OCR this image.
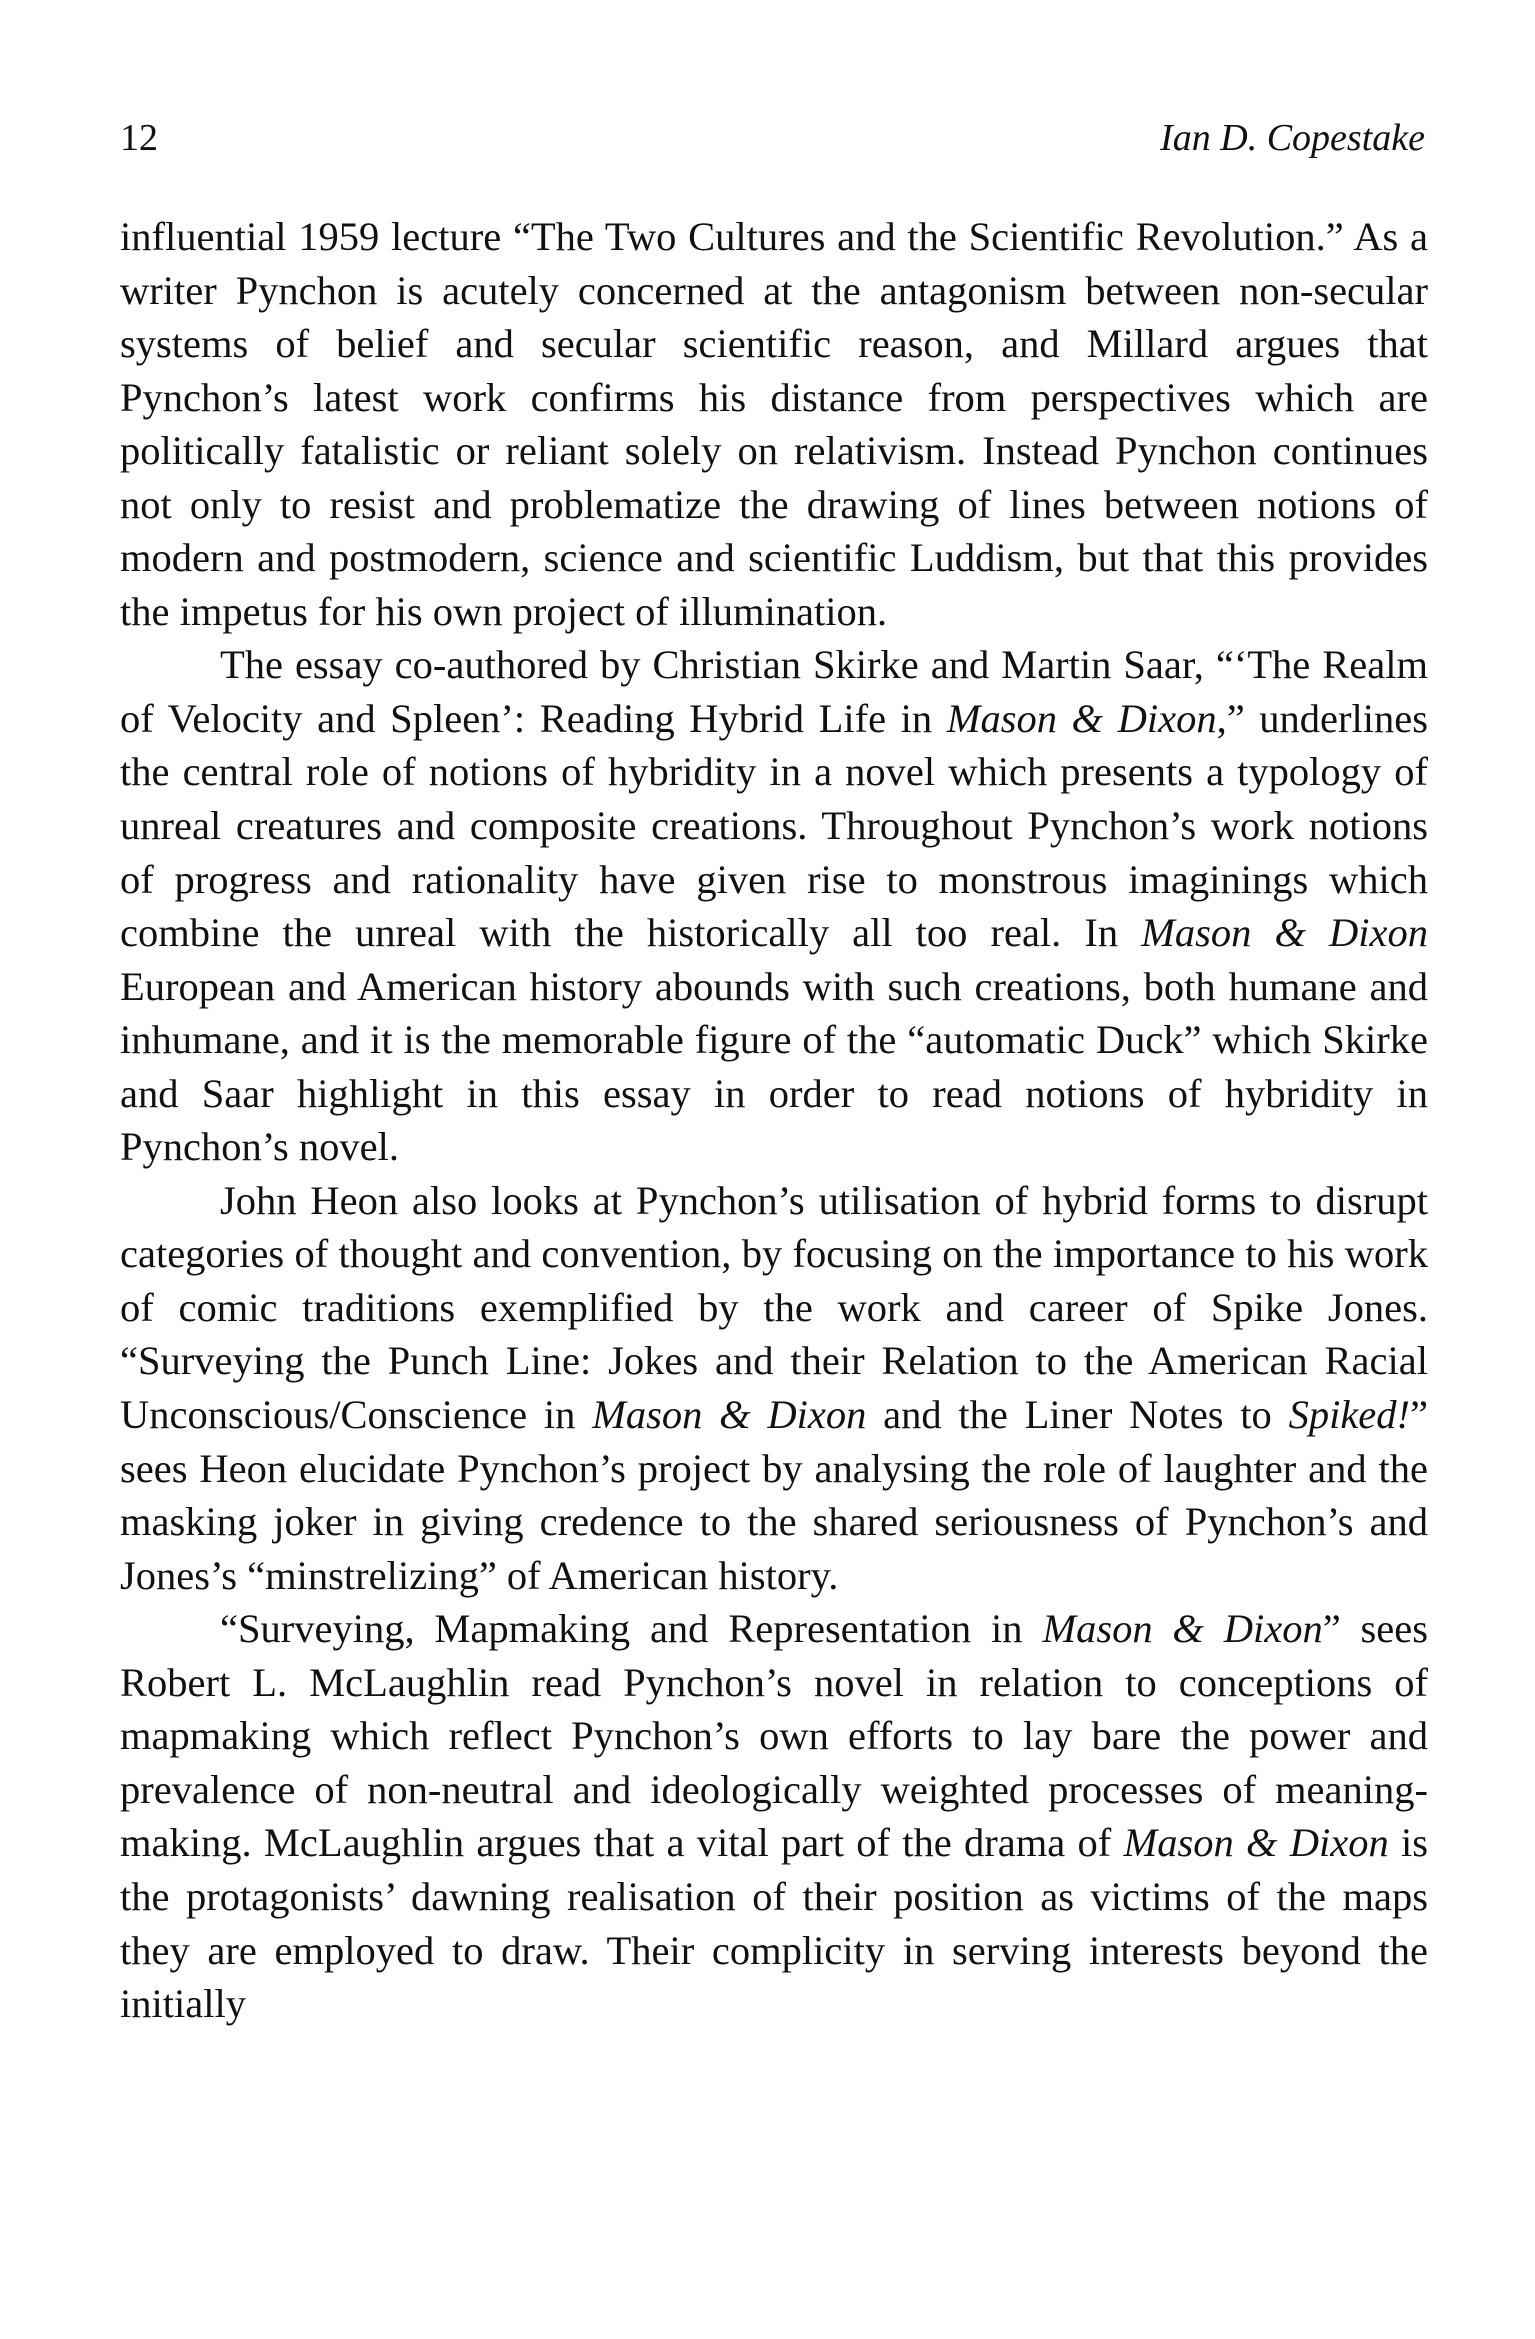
12	Ian D. Copestake

influential 1959 lecture “The Two Cultures and the Scientific Revolution.” As a writer Pynchon is acutely concerned at the antagonism between non-secular systems of belief and secular scientific reason, and Millard argues that Pynchon’s latest work confirms his distance from perspectives which are politically fatalistic or reliant solely on relativism. Instead Pynchon continues not only to resist and problematize the drawing of lines between notions of modern and postmodern, science and scientific Luddism, but that this provides the impetus for his own project of illumination.

The essay co-authored by Christian Skirke and Martin Saar, “‘The Realm of Velocity and Spleen’: Reading Hybrid Life in Mason & Dixon,” underlines the central role of notions of hybridity in a novel which presents a typology of unreal creatures and composite creations. Throughout Pynchon’s work notions of progress and rationality have given rise to monstrous imaginings which combine the unreal with the historically all too real. In Mason & Dixon European and American history abounds with such creations, both humane and inhumane, and it is the memorable figure of the “automatic Duck” which Skirke and Saar highlight in this essay in order to read notions of hybridity in Pynchon’s novel.

John Heon also looks at Pynchon’s utilisation of hybrid forms to disrupt categories of thought and convention, by focusing on the importance to his work of comic traditions exemplified by the work and career of Spike Jones. “Surveying the Punch Line: Jokes and their Relation to the American Racial Unconscious/Conscience in Mason & Dixon and the Liner Notes to Spiked!” sees Heon elucidate Pynchon’s project by analysing the role of laughter and the masking joker in giving credence to the shared seriousness of Pynchon’s and Jones’s “minstrelizing” of American history.

“Surveying, Mapmaking and Representation in Mason & Dixon” sees Robert L. McLaughlin read Pynchon’s novel in relation to conceptions of mapmaking which reflect Pynchon’s own efforts to lay bare the power and prevalence of non-neutral and ideologically weighted processes of meaning-making. McLaughlin argues that a vital part of the drama of Mason & Dixon is the protagonists’ dawning realisation of their position as victims of the maps they are employed to draw. Their complicity in serving interests beyond the initially
